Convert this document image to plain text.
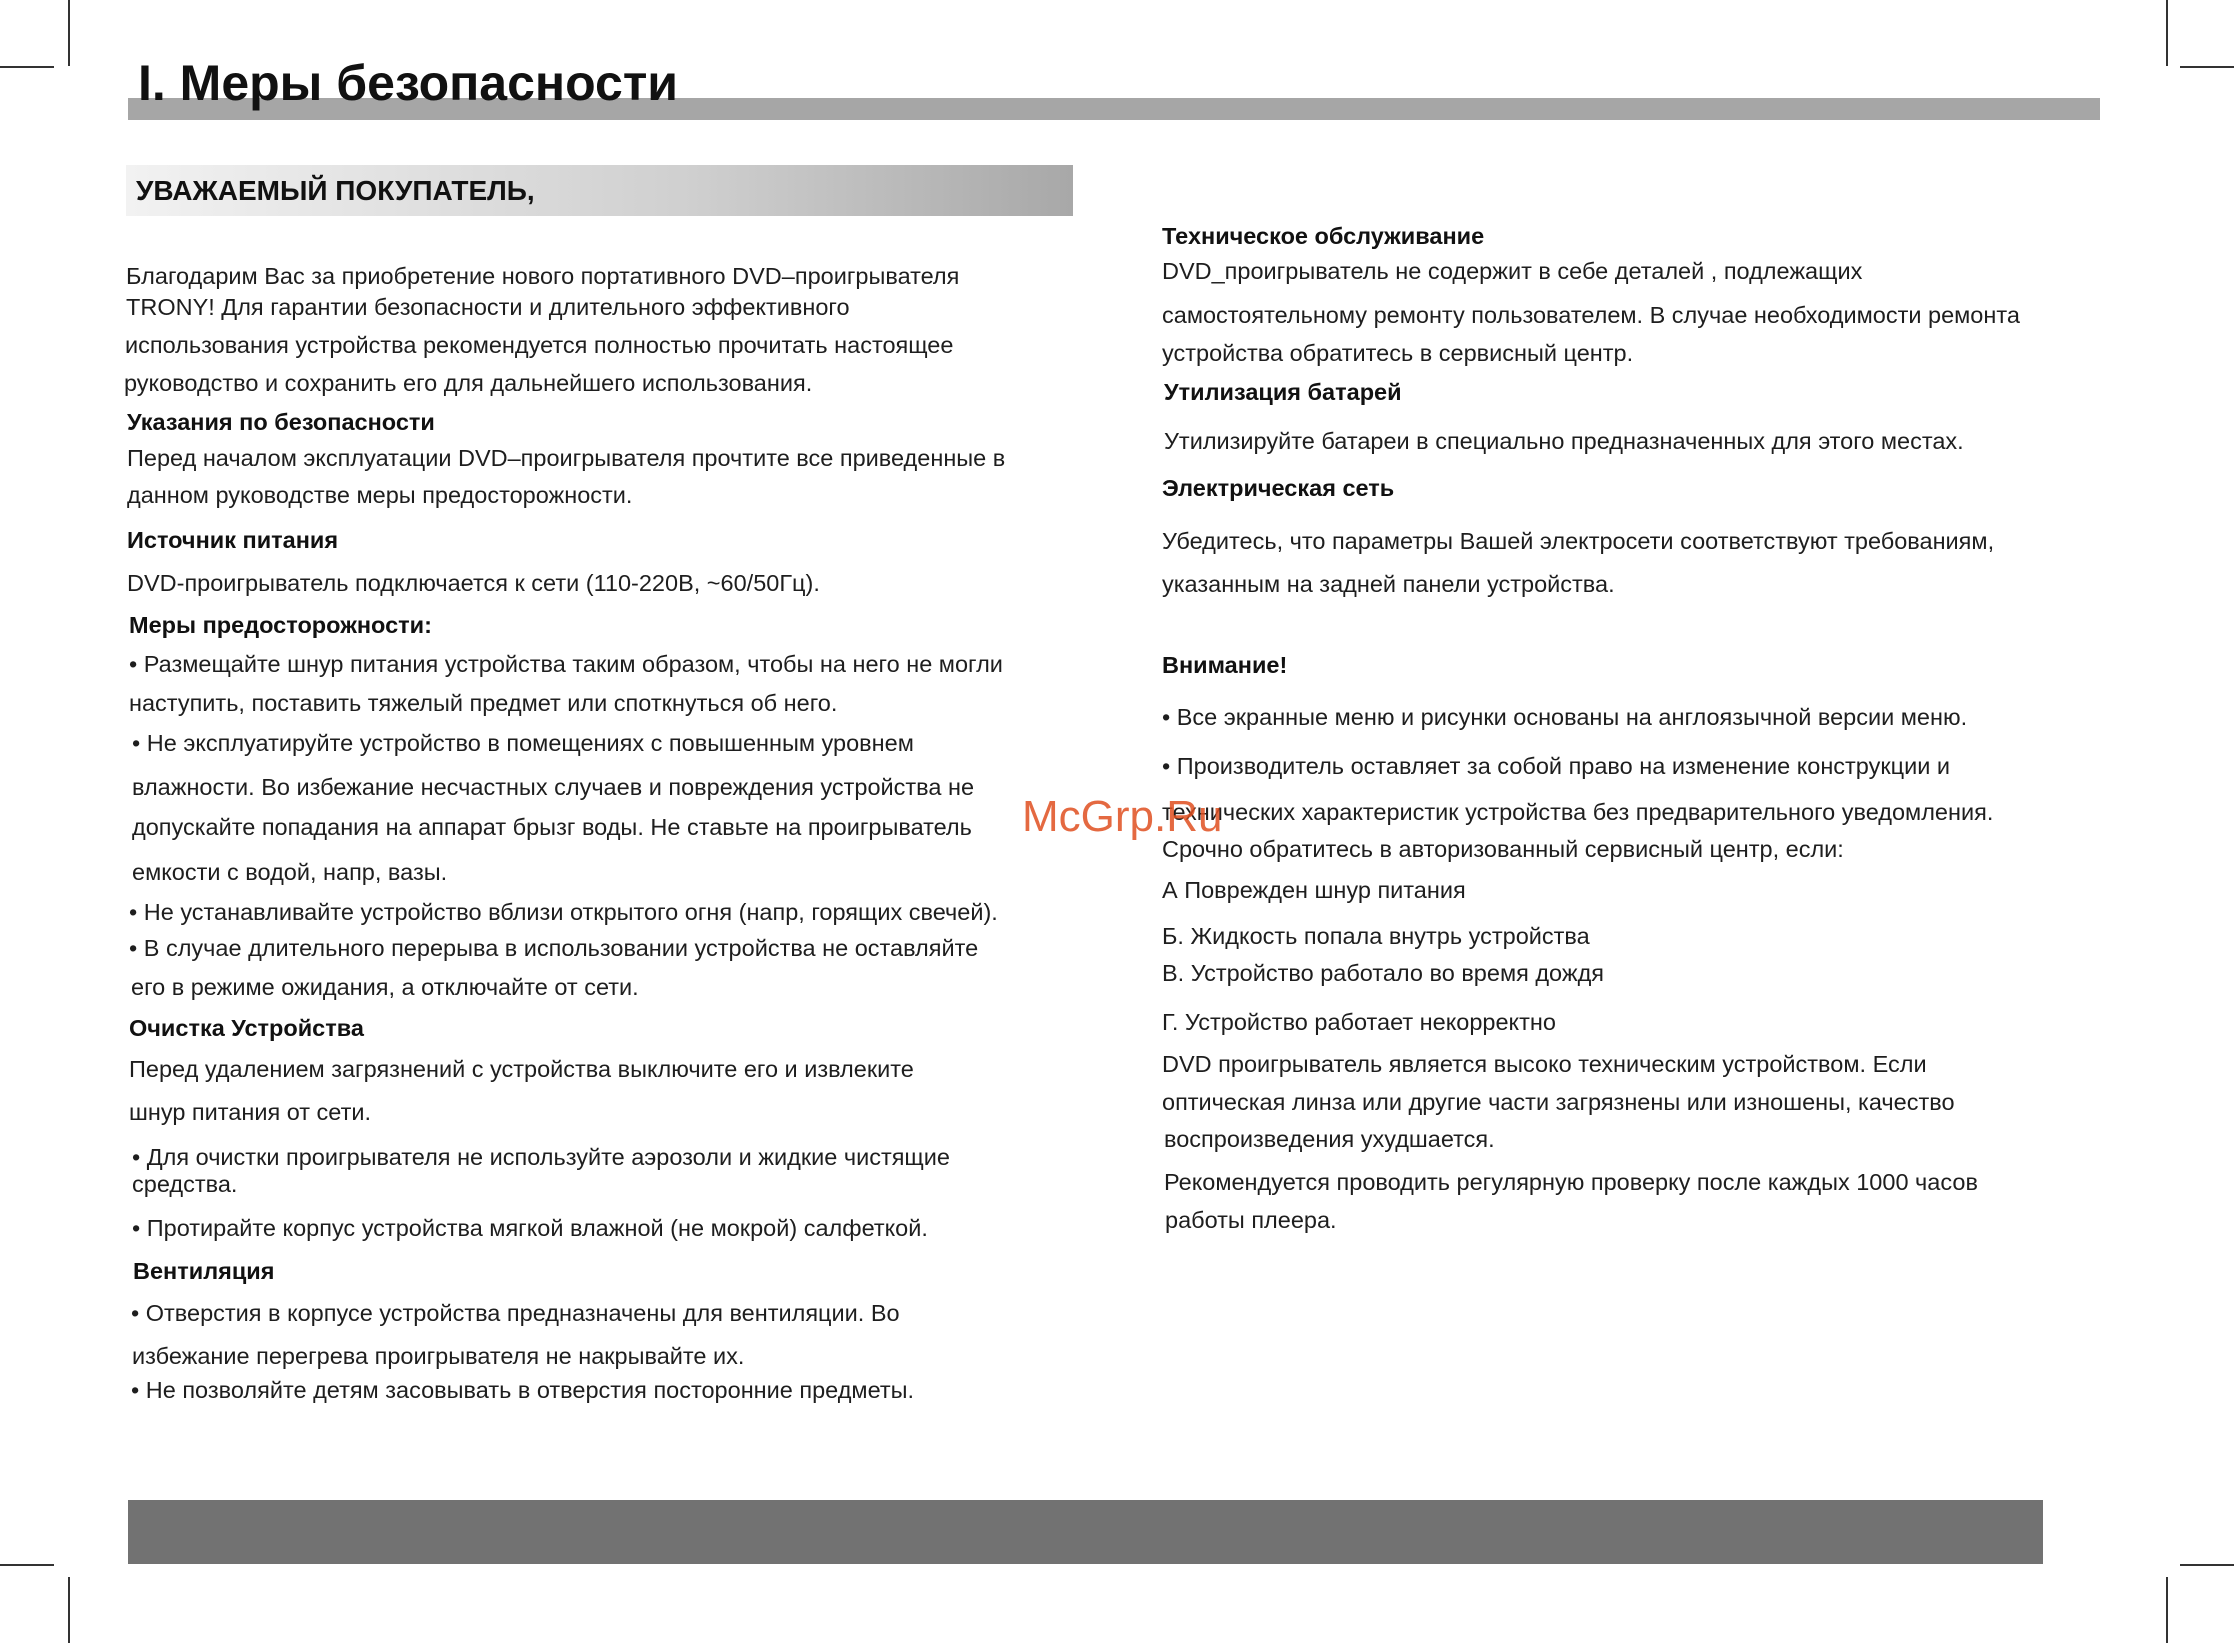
I. Меры безопасности
УВАЖАЕМЫЙ ПОКУПАТЕЛЬ,
Благодарим Вас за приобретение нового портативного DVD–проигрывателя
TRONY! Для гарантии безопасности и длительного эффективного
использования устройства рекомендуется полностью прочитать настоящее
руководство и сохранить его для дальнейшего использования.
Указания по безопасности
Перед началом эксплуатации DVD–проигрывателя прочтите все приведенные в
данном руководстве меры предосторожности.
Источник питания
DVD-проигрыватель подключается к сети (110-220В, ~60/50Гц).
Меры предосторожности:
• Размещайте шнур питания устройства таким образом, чтобы на него не могли
наступить, поставить тяжелый предмет или споткнуться об него.
• Не эксплуатируйте устройство в помещениях с повышенным уровнем
влажности. Во избежание несчастных случаев и повреждения устройства не
допускайте попадания на аппарат брызг воды. Не ставьте на проигрыватель
емкости с водой, напр, вазы.
• Не устанавливайте устройство вблизи открытого огня (напр, горящих свечей).
• В случае длительного перерыва в использовании устройства не оставляйте
его в режиме ожидания, а отключайте от сети.
Очистка Устройства
Перед удалением загрязнений с устройства выключите его и извлеките
шнур питания от сети.
• Для очистки проигрывателя не используйте аэрозоли и жидкие чистящие
средства.
• Протирайте корпус устройства мягкой влажной (не мокрой) салфеткой.
Вентиляция
• Отверстия в корпусе устройства предназначены для вентиляции. Во
избежание перегрева проигрывателя не накрывайте их.
• Не позволяйте детям засовывать в отверстия посторонние предметы.
Техническое обслуживание
DVD_проигрыватель не содержит в себе деталей , подлежащих
самостоятельному ремонту пользователем. В случае необходимости ремонта
устройства обратитесь в сервисный центр.
Утилизация батарей
Утилизируйте батареи в специально предназначенных для этого местах.
Электрическая сеть
Убедитесь, что параметры Вашей электросети соответствуют требованиям,
указанным на задней панели устройства.
Внимание!
• Все экранные меню и рисунки основаны на англоязычной версии меню.
• Производитель оставляет за собой право на изменение конструкции и
технических характеристик устройства без предварительного уведомления.
Срочно обратитесь в авторизованный сервисный центр, если:
А Поврежден шнур питания
Б. Жидкость попала внутрь устройства
В. Устройство работало во время дождя
Г. Устройство работает некорректно
DVD проигрыватель является высоко техническим устройством. Если
оптическая линза или другие части загрязнены или изношены, качество
воспроизведения ухудшается.
Рекомендуется проводить регулярную проверку после каждых 1000 часов
работы плеера.
McGrp.Ru
